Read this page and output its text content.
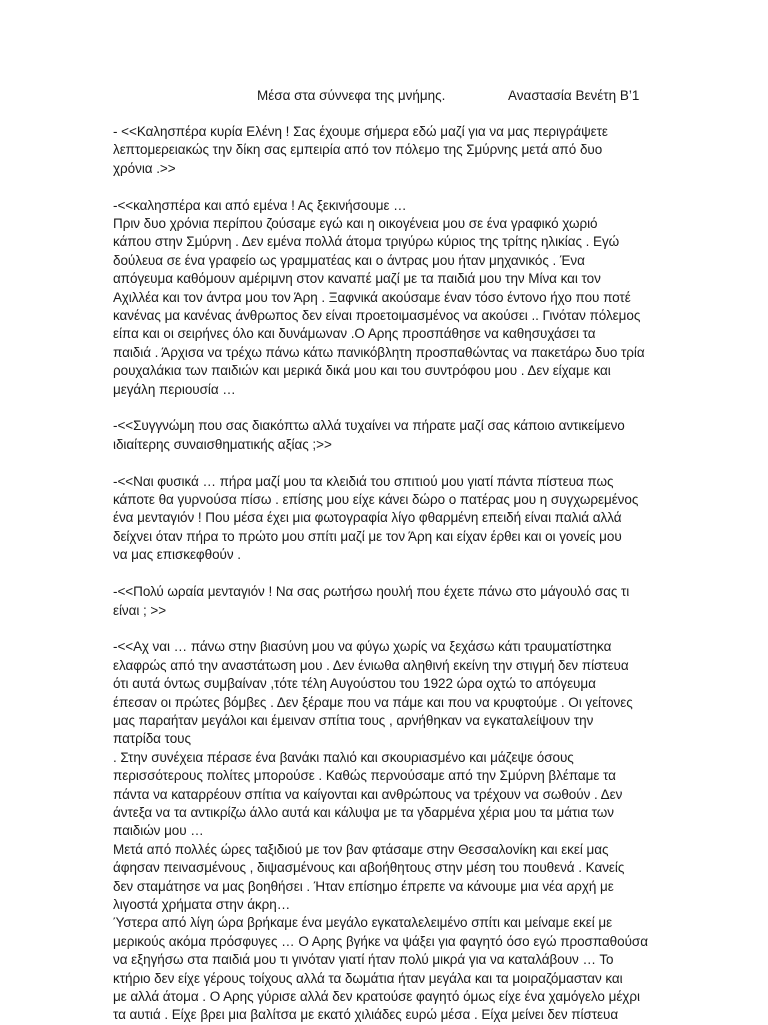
Μέσα στα σύννεφα της μνήμης.	Αναστασία Βενέτη Β’1
- <<Καλησπέρα κυρία Ελένη ! Σας έχουμε σήμερα εδώ μαζί για να μας περιγράψετε
λεπτομερειακώς την δίκη σας εμπειρία από τον πόλεμο της Σμύρνης μετά από δυο
χρόνια .>>
-<<καλησπέρα και από εμένα ! Ας ξεκινήσουμε …
Πριν δυο χρόνια περίπου ζούσαμε εγώ και η οικογένεια μου σε ένα γραφικό χωριό
κάπου στην Σμύρνη . Δεν εμένα πολλά άτομα τριγύρω κύριος της τρίτης ηλικίας . Εγώ
δούλευα σε ένα γραφείο ως γραμματέας και ο άντρας μου ήταν μηχανικός . Ένα
απόγευμα καθόμουν αμέριμνη στον καναπέ μαζί με τα παιδιά μου την Μίνα και τον
Αχιλλέα και τον άντρα μου τον Άρη . Ξαφνικά ακούσαμε έναν τόσο έντονο ήχο που ποτέ
κανένας μα κανένας άνθρωπος δεν είναι προετοιμασμένος να ακούσει .. Γινόταν πόλεμος
είπα και οι σειρήνες όλο και δυνάμωναν .Ο Αρης προσπάθησε να καθησυχάσει τα
παιδιά . Άρχισα να τρέχω πάνω κάτω πανικόβλητη προσπαθώντας να πακετάρω δυο τρία
ρουχαλάκια των παιδιών και μερικά δικά μου και του συντρόφου μου . Δεν είχαμε και
μεγάλη περιουσία …
-<<Συγγνώμη που σας διακόπτω αλλά τυχαίνει να πήρατε μαζί σας κάποιο αντικείμενο
ιδιαίτερης συναισθηματικής αξίας ;>>
-<<Ναι φυσικά … πήρα μαζί μου τα κλειδιά του σπιτιού μου γιατί πάντα πίστευα πως
κάποτε θα γυρνούσα πίσω . επίσης μου είχε κάνει δώρο ο πατέρας μου η συγχωρεμένος
ένα μενταγιόν ! Που μέσα έχει μια φωτογραφία λίγο φθαρμένη επειδή είναι παλιά αλλά
δείχνει όταν πήρα το πρώτο μου σπίτι μαζί με τον Άρη και είχαν έρθει και οι γονείς μου
να μας επισκεφθούν .
-<<Πολύ ωραία μενταγιόν ! Να σας ρωτήσω ηουλή που έχετε πάνω στο μάγουλό σας τι
είναι ; >>
-<<Αχ ναι … πάνω στην βιασύνη μου να φύγω χωρίς να ξεχάσω κάτι τραυματίστηκα
ελαφρώς από την αναστάτωση μου . Δεν ένιωθα αληθινή εκείνη την στιγμή δεν πίστευα
ότι αυτά όντως συμβαίναν ,τότε τέλη Αυγούστου του 1922 ώρα οχτώ το απόγευμα
έπεσαν οι πρώτες βόμβες . Δεν ξέραμε που να πάμε και που να κρυφτούμε . Οι γείτονες
μας παραήταν μεγάλοι και έμειναν σπίτια τους , αρνήθηκαν να εγκαταλείψουν την
πατρίδα τους
. Στην συνέχεια πέρασε ένα βανάκι παλιό και σκουριασμένο και μάζεψε όσους
περισσότερους πολίτες μπορούσε . Καθώς περνούσαμε από την Σμύρνη βλέπαμε τα
πάντα να καταρρέουν σπίτια να καίγονται και ανθρώπους να τρέχουν να σωθούν . Δεν
άντεξα να τα αντικρίζω άλλο αυτά και κάλυψα με τα γδαρμένα χέρια μου τα μάτια των
παιδιών μου …
Μετά από πολλές ώρες ταξιδιού με τον βαν φτάσαμε στην Θεσσαλονίκη και εκεί μας
άφησαν πεινασμένους , διψασμένους και αβοήθητους στην μέση του πουθενά . Κανείς
δεν σταμάτησε να μας βοηθήσει . Ήταν επίσημο έπρεπε να κάνουμε μια νέα αρχή με
λιγοστά χρήματα στην άκρη…
Ύστερα από λίγη ώρα βρήκαμε ένα μεγάλο εγκαταλελειμένο σπίτι και μείναμε εκεί με
μερικούς ακόμα πρόσφυγες … Ο Αρης βγήκε να ψάξει για φαγητό όσο εγώ προσπαθούσα
να εξηγήσω στα παιδιά μου τι γινόταν γιατί ήταν πολύ μικρά για να καταλάβουν … Το
κτήριο δεν είχε γέρους τοίχους αλλά τα δωμάτια ήταν μεγάλα και τα μοιραζόμασταν και
με αλλά άτομα . Ο Αρης γύρισε αλλά δεν κρατούσε φαγητό όμως είχε ένα χαμόγελο μέχρι
τα αυτιά . Είχε βρει μια βαλίτσα με εκατό χιλιάδες ευρώ μέσα . Είχα μείνει δεν πίστευα
